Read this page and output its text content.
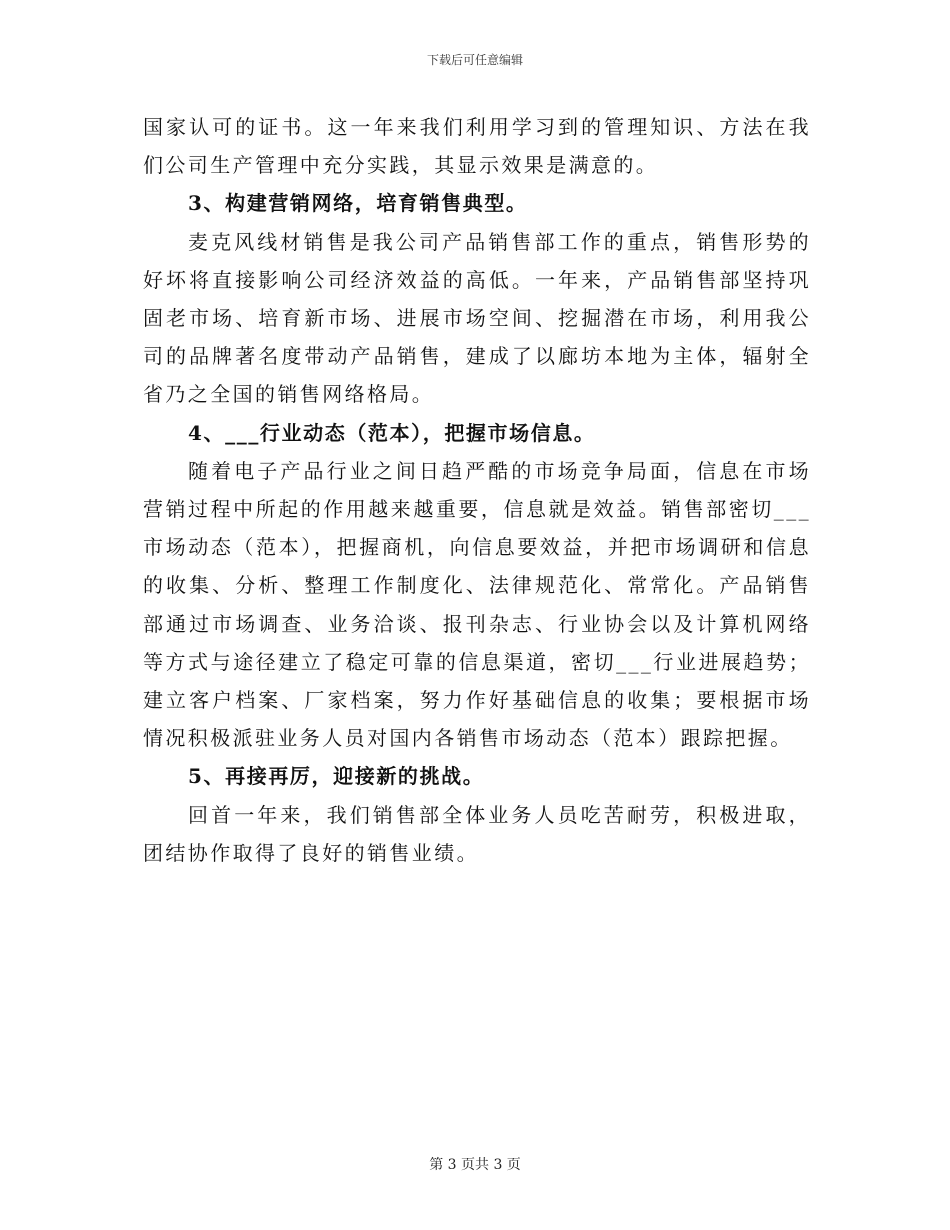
下载后可任意编辑

国家认可的证书。这一年来我们利用学习到的管理知识、方法在我们公司生产管理中充分实践，其显示效果是满意的。

3、构建营销网络，培育销售典型。

麦克风线材销售是我公司产品销售部工作的重点，销售形势的好坏将直接影响公司经济效益的高低。一年来，产品销售部坚持巩固老市场、培育新市场、进展市场空间、挖掘潜在市场，利用我公司的品牌著名度带动产品销售，建成了以廊坊本地为主体，辐射全省乃之全国的销售网络格局。

4、___行业动态（范本），把握市场信息。

随着电子产品行业之间日趋严酷的市场竞争局面，信息在市场营销过程中所起的作用越来越重要，信息就是效益。销售部密切___市场动态（范本），把握商机，向信息要效益，并把市场调研和信息的收集、分析、整理工作制度化、法律规范化、常常化。产品销售部通过市场调查、业务洽谈、报刊杂志、行业协会以及计算机网络等方式与途径建立了稳定可靠的信息渠道，密切___行业进展趋势；建立客户档案、厂家档案，努力作好基础信息的收集；要根据市场情况积极派驻业务人员对国内各销售市场动态（范本）跟踪把握。

5、再接再厉，迎接新的挑战。

回首一年来，我们销售部全体业务人员吃苦耐劳，积极进取，团结协作取得了良好的销售业绩。

第 3 页共 3 页
